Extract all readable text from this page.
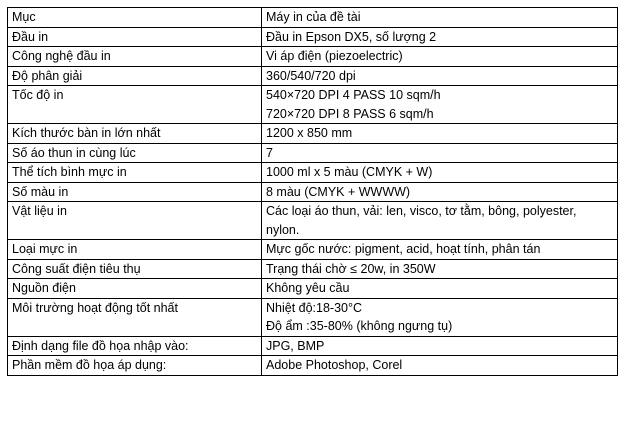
Mục	Máy in của đề tài

Đầu in	Đầu in Epson DX5, số lượng 2

Công nghệ đầu in	Vi áp điện (piezoelectric)

Độ phân giải	360/540/720 dpi

Tốc độ in	540×720 DPI 4 PASS 10 sqm/h
720×720 DPI 8 PASS 6 sqm/h

Kích thước bàn in lớn nhất	1200 x 850 mm

Số áo thun in cùng lúc	7

Thể tích bình mực in	1000 ml x 5 màu (CMYK + W)

Số màu in	8 màu (CMYK + WWWW)

Vật liệu in	Các loại áo thun, vải: len, visco, tơ tằm, bông, polyester,
nylon.

Loại mực in	Mực gốc nước: pigment, acid, hoạt tính, phân tán

Công suất điện tiêu thụ	Trạng thái chờ ≤ 20w, in 350W

Nguồn điện	Không yêu cầu

Môi trường hoạt động tốt nhất	Nhiệt độ:18-30°C
Độ ẩm :35-80% (không ngưng tụ)

Định dạng file đồ họa nhập vào:	JPG, BMP

Phần mềm đồ họa áp dụng:	Adobe Photoshop, Corel
